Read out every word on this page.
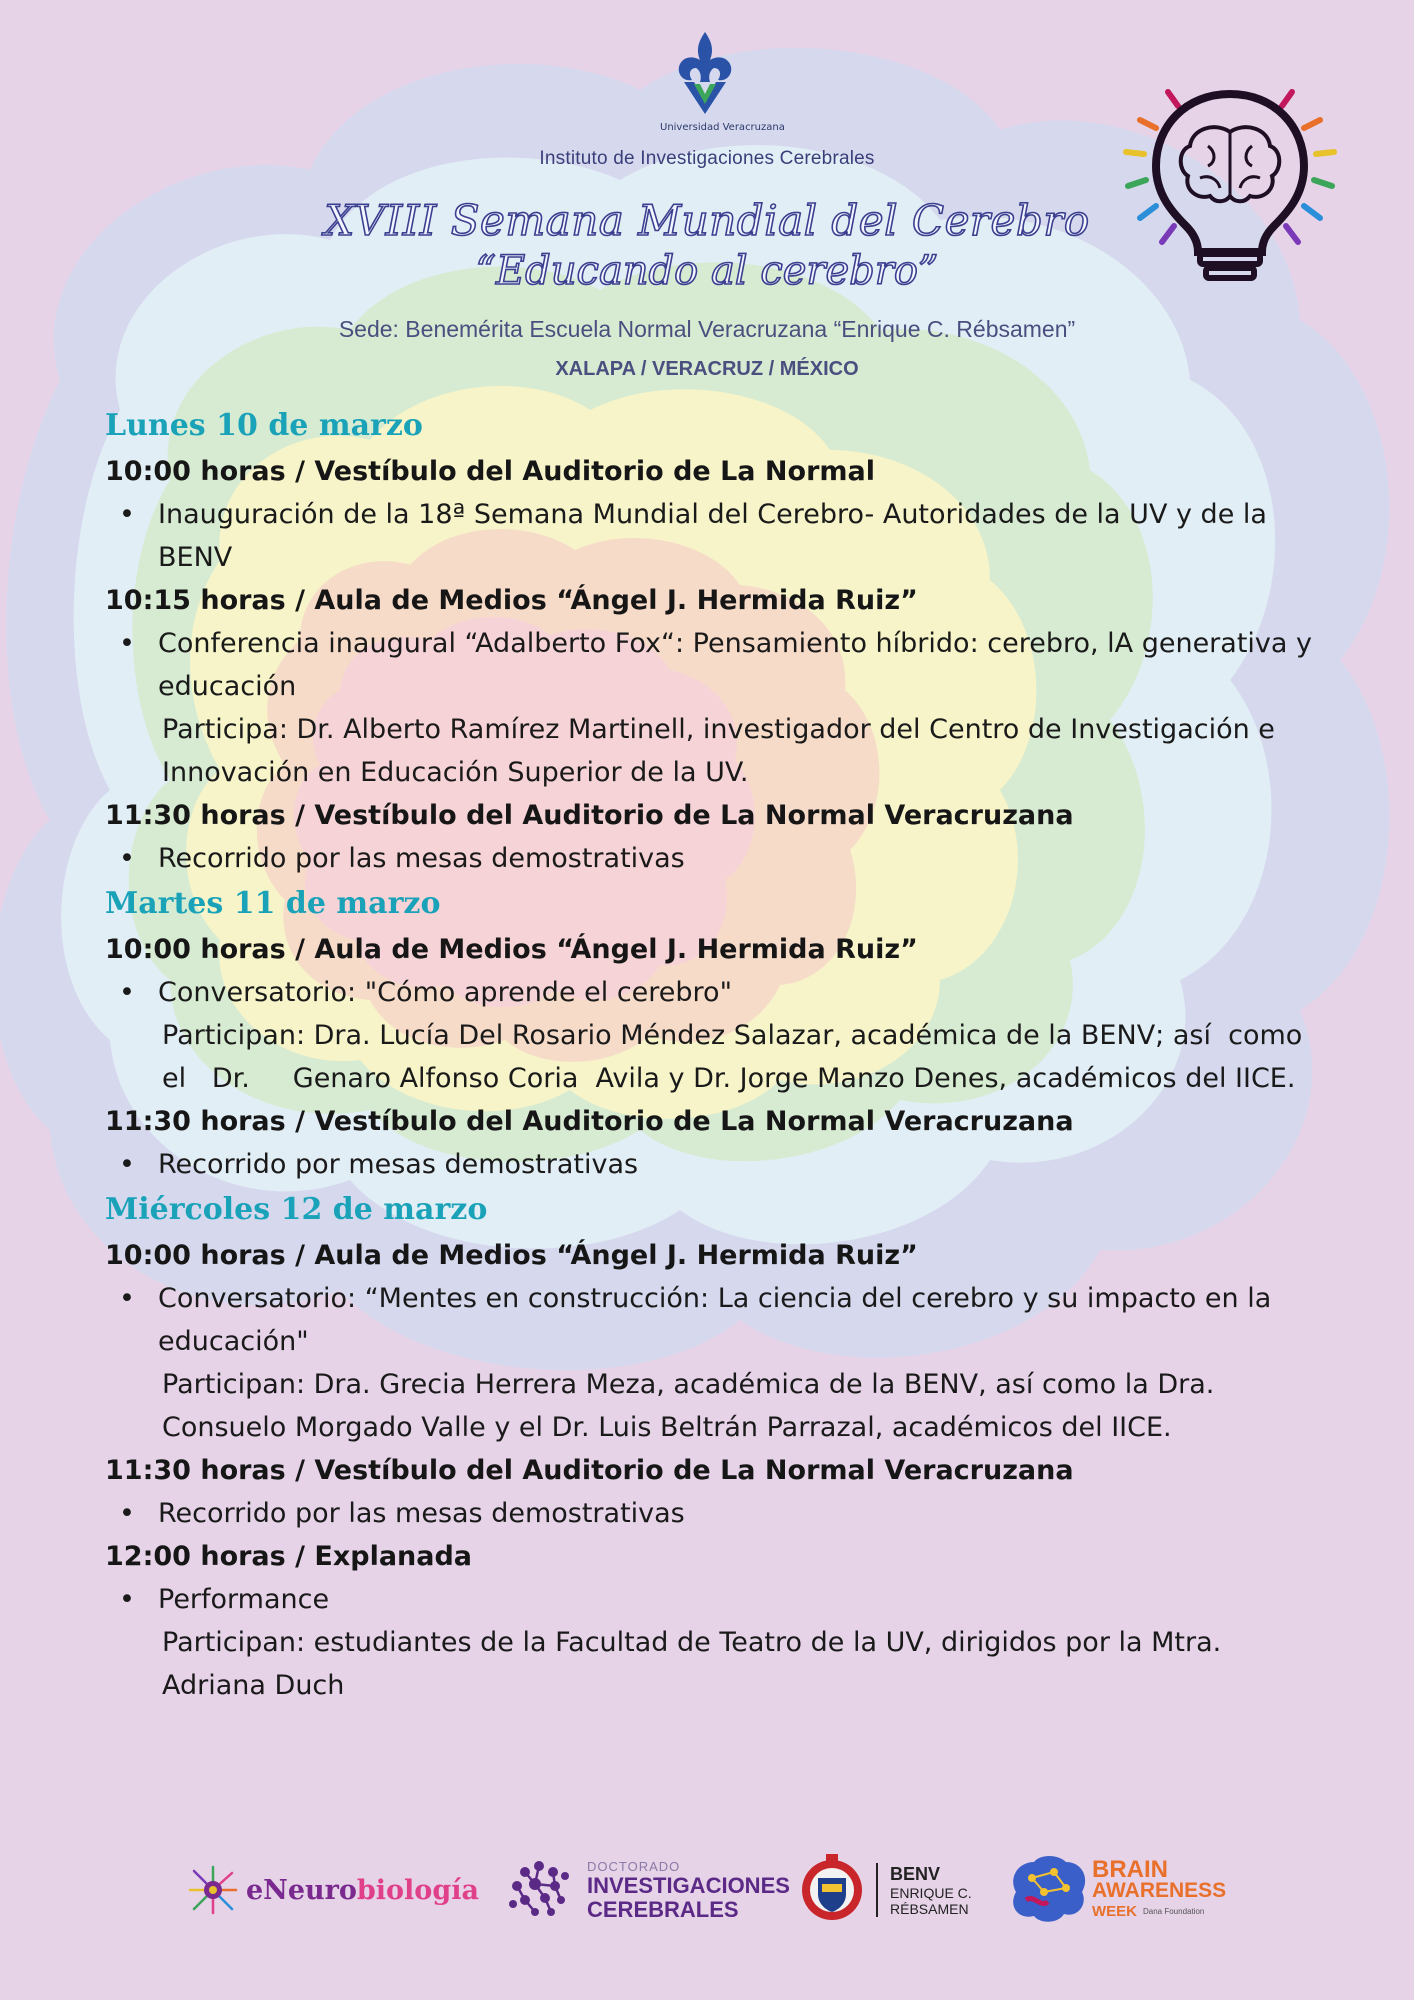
Universidad Veracruzana
Instituto de Investigaciones Cerebrales
XVIII Semana Mundial del Cerebro
“Educando al cerebro”
Sede: Benemérita Escuela Normal Veracruzana “Enrique C. Rébsamen”
XALAPA / VERACRUZ / MÉXICO
Lunes 10 de marzo

10:00 horas / Vestíbulo del Auditorio de La Normal

• Inauguración de la 18ª Semana Mundial del Cerebro- Autoridades de la UV y de la BENV

10:15 horas / Aula de Medios “Ángel J. Hermida Ruiz”

• Conferencia inaugural “Adalberto Fox“: Pensamiento híbrido: cerebro, lA generativa y educación

Participa: Dr. Alberto Ramírez Martinell, investigador del Centro de Investigación e Innovación en Educación Superior de la UV.

11:30 horas / Vestíbulo del Auditorio de La Normal Veracruzana

• Recorrido por las mesas demostrativas

Martes 11 de marzo

10:00 horas / Aula de Medios “Ángel J. Hermida Ruiz”

• Conversatorio: "Cómo aprende el cerebro"

Participan: Dra. Lucía Del Rosario Méndez Salazar, académica de la BENV; así  como el   Dr.     Genaro Alfonso Coria  Avila y Dr. Jorge Manzo Denes, académicos del IICE.

11:30 horas / Vestíbulo del Auditorio de La Normal Veracruzana

• Recorrido por mesas demostrativas

Miércoles 12 de marzo

10:00 horas / Aula de Medios “Ángel J. Hermida Ruiz”

• Conversatorio: “Mentes en construcción: La ciencia del cerebro y su impacto en la educación"

Participan: Dra. Grecia Herrera Meza, académica de la BENV, así como la Dra. Consuelo Morgado Valle y el Dr. Luis Beltrán Parrazal, académicos del IICE.

11:30 horas / Vestíbulo del Auditorio de La Normal Veracruzana

• Recorrido por las mesas demostrativas

12:00 horas / Explanada

• Performance

Participan: estudiantes de la Facultad de Teatro de la UV, dirigidos por la Mtra. Adriana Duch

eNeurobiología
DOCTORADO
INVESTIGACIONES
CEREBRALES
BENV
ENRIQUE C.
RÉBSAMEN
BRAIN
AWARENESS
WEEK Dana Foundation
